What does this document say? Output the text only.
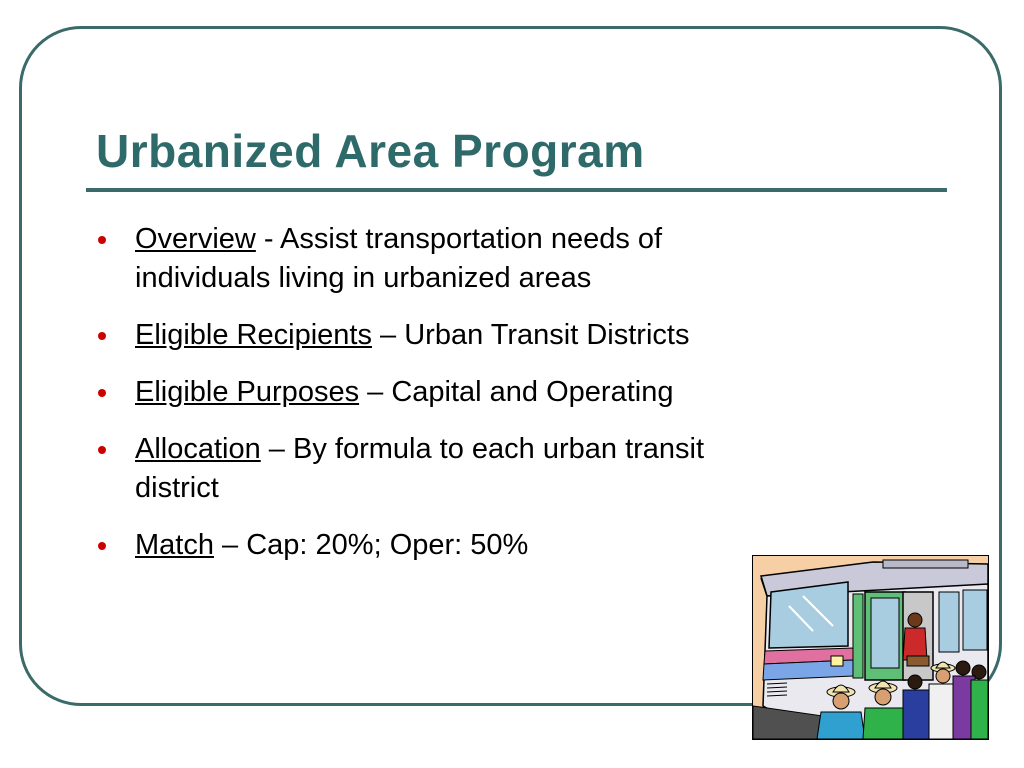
Urbanized Area Program
Overview - Assist transportation needs of individuals living in urbanized areas
Eligible Recipients – Urban Transit Districts
Eligible Purposes – Capital and Operating
Allocation – By formula to each urban transit district
Match – Cap: 20%; Oper: 50%
